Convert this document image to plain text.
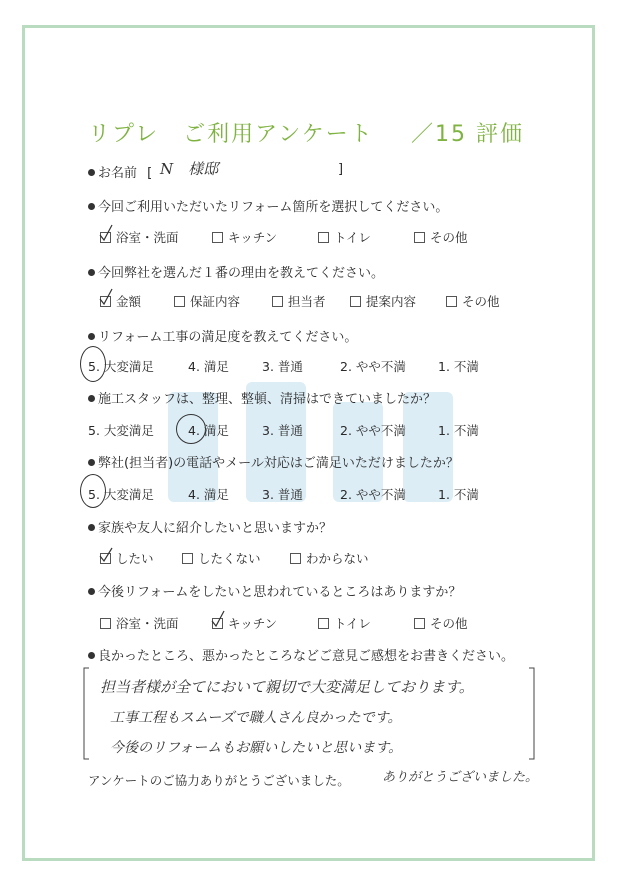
リプレ　ご利用アンケート ／15 評価
お名前 [ N　様邸	]
今回ご利用いただいたリフォーム箇所を選択してください。
浴室・洗面	キッチン	トイレ	その他
今回弊社を選んだ１番の理由を教えてください。
金額	保証内容	担当者	提案内容	その他
リフォーム工事の満足度を教えてください。
5. 大変満足	4. 満足	3. 普通	2. やや不満	1. 不満
施工スタッフは、整理、整頓、清掃はできていましたか？
5. 大変満足	4. 満足	3. 普通	2. やや不満	1. 不満
弊社(担当者)の電話やメール対応はご満足いただけましたか？
5. 大変満足	4. 満足	3. 普通	2. やや不満	1. 不満
家族や友人に紹介したいと思いますか？
したい	したくない	わからない
今後リフォームをしたいと思われているところはありますか？
浴室・洗面	キッチン	トイレ	その他
良かったところ、悪かったところなどご意見ご感想をお書きください。
担当者様が全てにおいて親切で大変満足しております。
工事工程もスムーズで職人さん良かったです。
今後のリフォームもお願いしたいと思います。
アンケートのご協力ありがとうございました。 ありがとうございました。
